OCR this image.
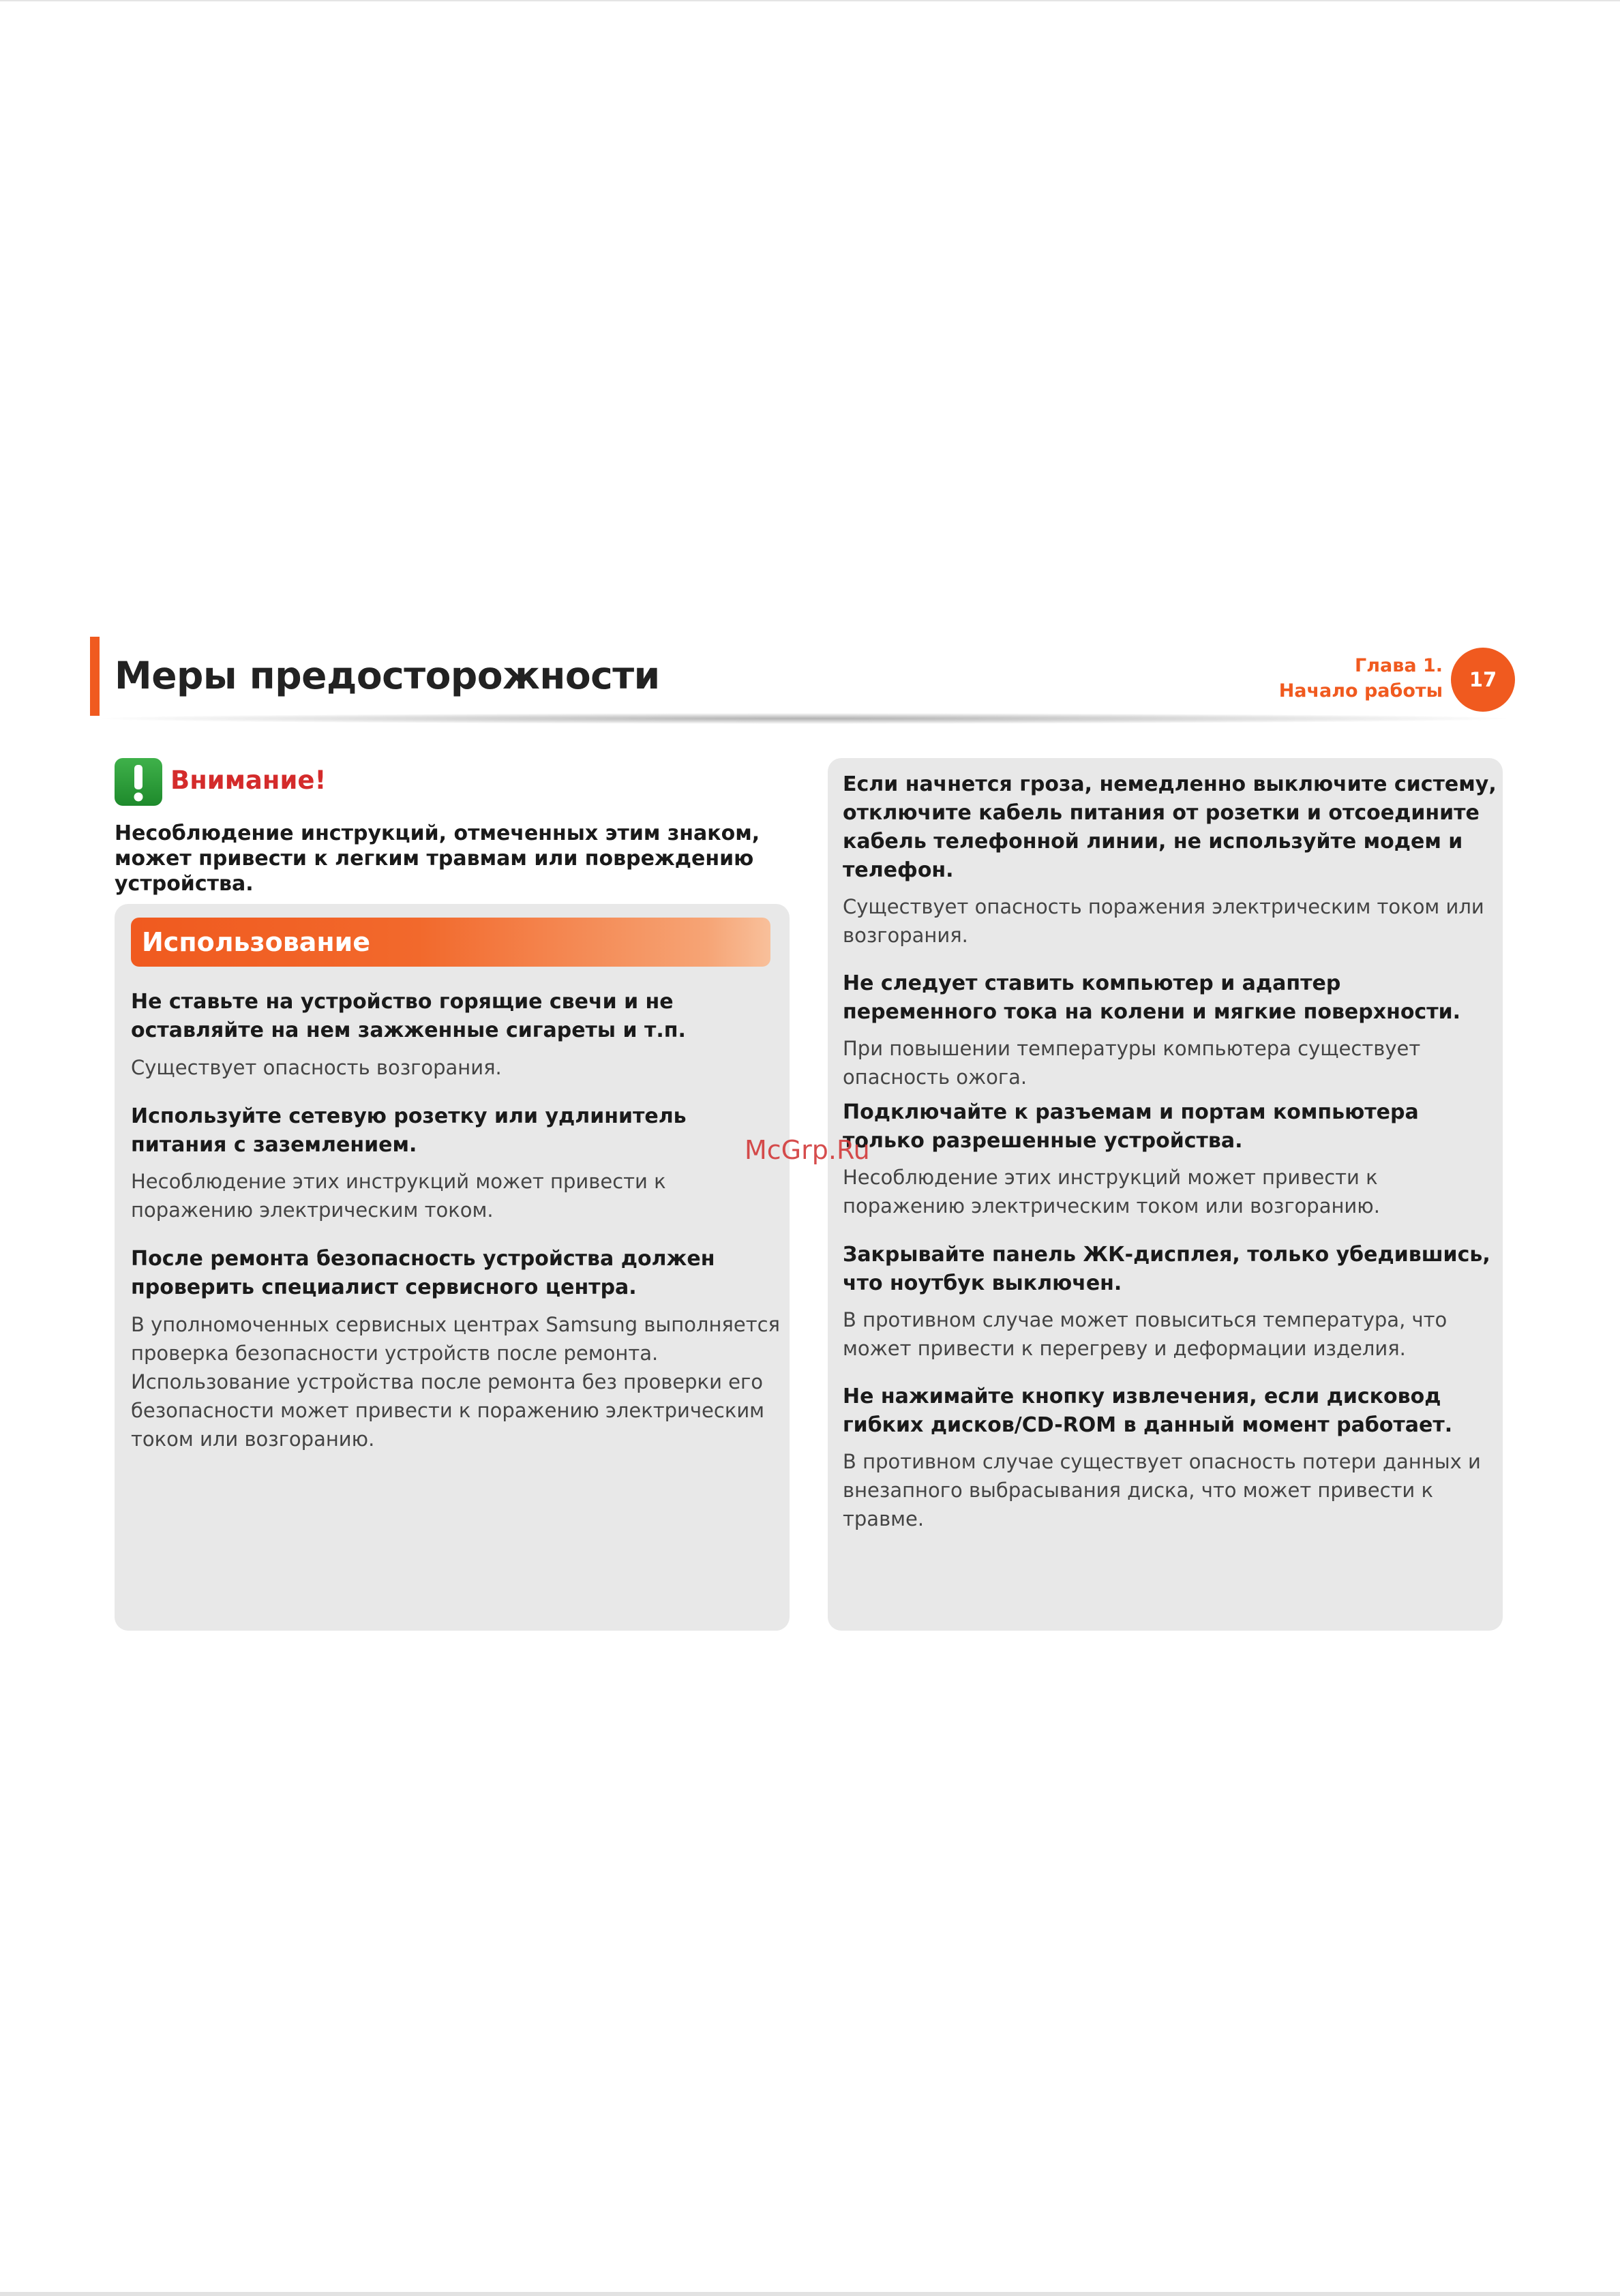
Меры предосторожности	Глава 1.
Начало работы	17
Внимание!
Несоблюдение инструкций, отмеченных этим знаком, может привести к легким травмам или повреждению устройства.
Использование

Не ставьте на устройство горящие свечи и не оставляйте на нем зажженные сигареты и т.п.

Существует опасность возгорания.

Используйте сетевую розетку или удлинитель питания с заземлением.

Несоблюдение этих инструкций может привести к поражению электрическим током.

После ремонта безопасность устройства должен проверить специалист сервисного центра.

В уполномоченных сервисных центрах Samsung выполняется проверка безопасности устройств после ремонта. Использование устройства после ремонта без проверки его безопасности может привести к поражению электрическим током или возгоранию.

Если начнется гроза, немедленно выключите систему, отключите кабель питания от розетки и отсоедините кабель телефонной линии, не используйте модем и телефон.

Существует опасность поражения электрическим током или возгорания.

Не следует ставить компьютер и адаптер переменного тока на колени и мягкие поверхности.

При повышении температуры компьютера существует опасность ожога.

Подключайте к разъемам и портам компьютера только разрешенные устройства.

Несоблюдение этих инструкций может привести к поражению электрическим током или возгоранию.

Закрывайте панель ЖК-дисплея, только убедившись, что ноутбук выключен.

В противном случае может повыситься температура, что может привести к перегреву и деформации изделия.

Не нажимайте кнопку извлечения, если дисковод гибких дисков/CD-ROM в данный момент работает.

В противном случае существует опасность потери данных и внезапного выбрасывания диска, что может привести к травме.

McGrp.Ru
